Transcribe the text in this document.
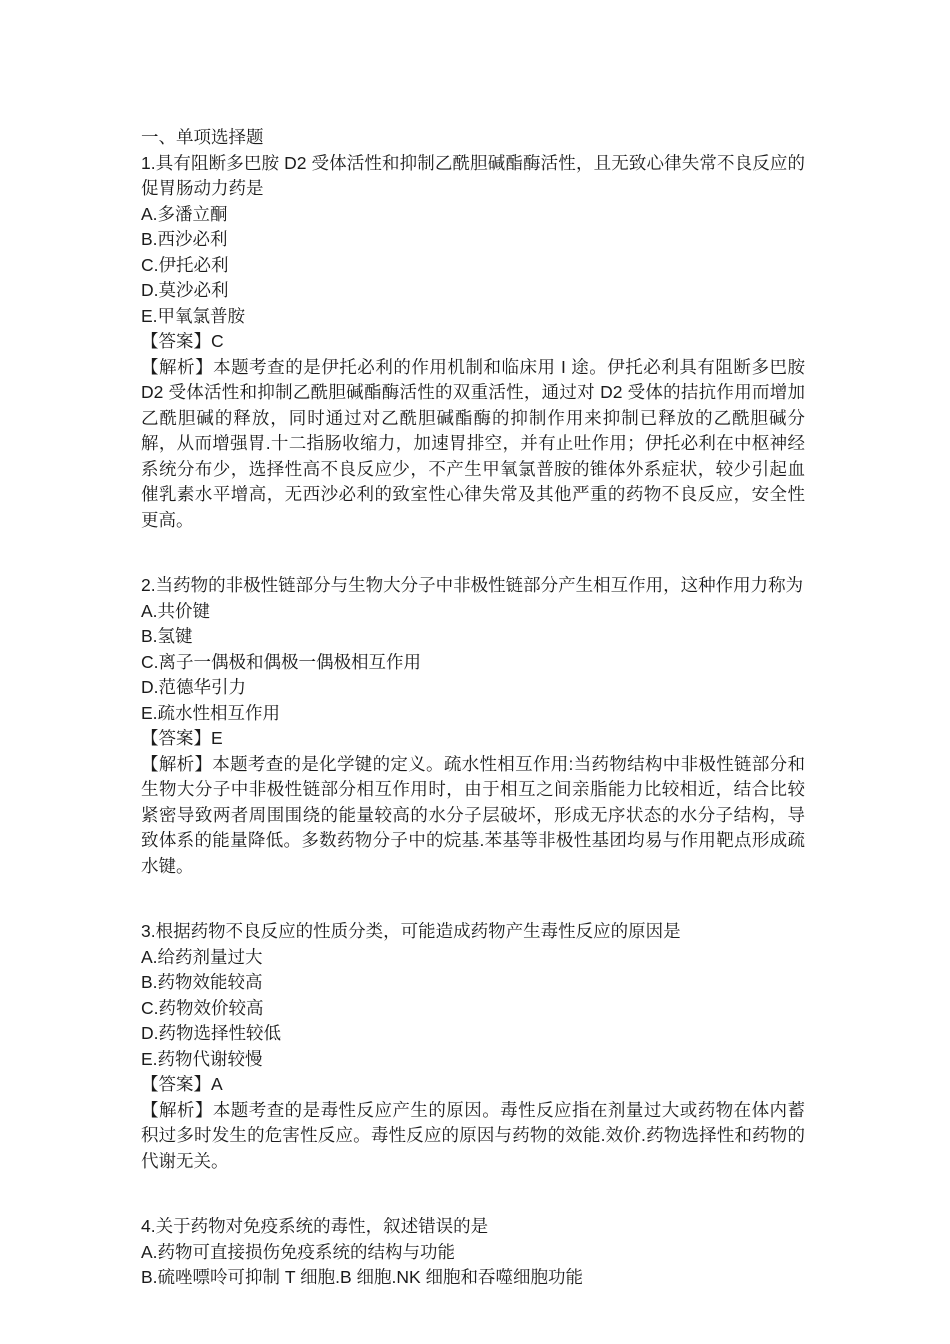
一、单项选择题

1.具有阻断多巴胺 D2 受体活性和抑制乙酰胆碱酯酶活性，且无致心律失常不良反应的促胃肠动力药是

A.多潘立酮

B.西沙必利

C.伊托必利

D.莫沙必利

E.甲氧氯普胺

【答案】C

【解析】本题考查的是伊托必利的作用机制和临床用 I 途。伊托必利具有阻断多巴胺 D2 受体活性和抑制乙酰胆碱酯酶活性的双重活性，通过对 D2 受体的拮抗作用而增加乙酰胆碱的释放，同时通过对乙酰胆碱酯酶的抑制作用来抑制已释放的乙酰胆碱分解，从而增强胃.十二指肠收缩力，加速胃排空，并有止吐作用；伊托必利在中枢神经系统分布少，选择性高不良反应少，不产生甲氧氯普胺的锥体外系症状，较少引起血催乳素水平增高，无西沙必利的致室性心律失常及其他严重的药物不良反应，安全性更高。

2.当药物的非极性链部分与生物大分子中非极性链部分产生相互作用，这种作用力称为

A.共价键

B.氢键

C.离子一偶极和偶极一偶极相互作用

D.范德华引力

E.疏水性相互作用

【答案】E

【解析】本题考查的是化学键的定义。疏水性相互作用:当药物结构中非极性链部分和生物大分子中非极性链部分相互作用时，由于相互之间亲脂能力比较相近，结合比较紧密导致两者周围围绕的能量较高的水分子层破坏，形成无序状态的水分子结构，导致体系的能量降低。多数药物分子中的烷基.苯基等非极性基团均易与作用靶点形成疏水键。

3.根据药物不良反应的性质分类，可能造成药物产生毒性反应的原因是

A.给药剂量过大

B.药物效能较高

C.药物效价较高

D.药物选择性较低

E.药物代谢较慢

【答案】A

【解析】本题考查的是毒性反应产生的原因。毒性反应指在剂量过大或药物在体内蓄积过多时发生的危害性反应。毒性反应的原因与药物的效能.效价.药物选择性和药物的代谢无关。

4.关于药物对免疫系统的毒性，叙述错误的是

A.药物可直接损伤免疫系统的结构与功能

B.硫唑嘌呤可抑制 T 细胞.B 细胞.NK 细胞和吞噬细胞功能
